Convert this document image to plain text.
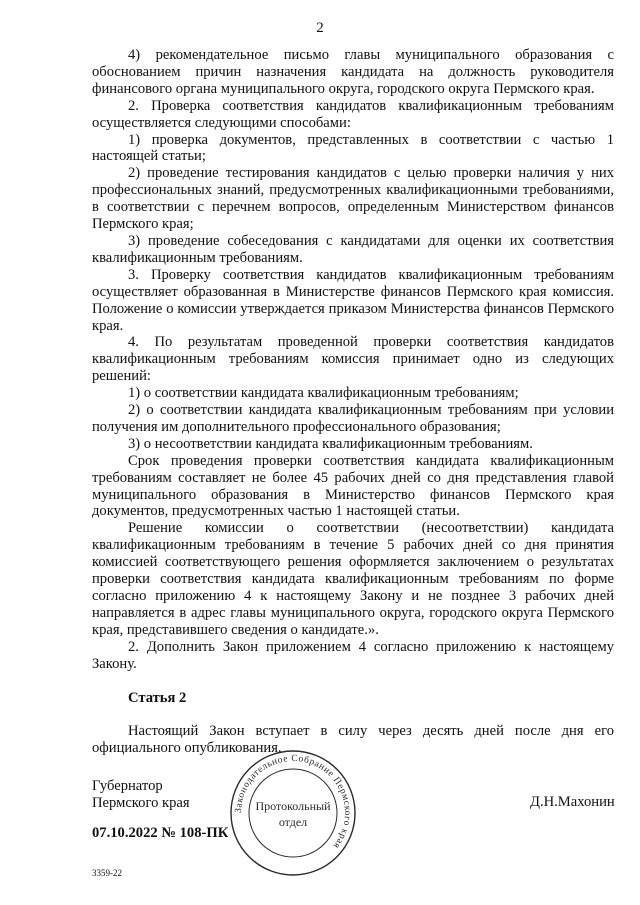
2

4) рекомендательное письмо главы муниципального образования с обоснованием причин назначения кандидата на должность руководителя финансового органа муниципального округа, городского округа Пермского края.

2. Проверка соответствия кандидатов квалификационным требованиям осуществляется следующими способами:

1) проверка документов, представленных в соответствии с частью 1 настоящей статьи;

2) проведение тестирования кандидатов с целью проверки наличия у них профессиональных знаний, предусмотренных квалификационными требованиями, в соответствии с перечнем вопросов, определенным Министерством финансов Пермского края;

3) проведение собеседования с кандидатами для оценки их соответствия квалификационным требованиям.

3. Проверку соответствия кандидатов квалификационным требованиям осуществляет образованная в Министерстве финансов Пермского края комиссия. Положение о комиссии утверждается приказом Министерства финансов Пермского края.

4. По результатам проведенной проверки соответствия кандидатов квалификационным требованиям комиссия принимает одно из следующих решений:

1) о соответствии кандидата квалификационным требованиям;

2) о соответствии кандидата квалификационным требованиям при условии получения им дополнительного профессионального образования;

3) о несоответствии кандидата квалификационным требованиям.

Срок проведения проверки соответствия кандидата квалификационным требованиям составляет не более 45 рабочих дней со дня представления главой муниципального образования в Министерство финансов Пермского края документов, предусмотренных частью 1 настоящей статьи.

Решение комиссии о соответствии (несоответствии) кандидата квалификационным требованиям в течение 5 рабочих дней со дня принятия комиссией соответствующего решения оформляется заключением о результатах проверки соответствия кандидата квалификационным требованиям по форме согласно приложению 4 к настоящему Закону и не позднее 3 рабочих дней направляется в адрес главы муниципального округа, городского округа Пермского края, представившего сведения о кандидате.».

2. Дополнить Закон приложением 4 согласно приложению к настоящему Закону.

Статья 2

Настоящий Закон вступает в силу через десять дней после дня его официального опубликования.

Губернатор
Пермского края	Д.Н.Махонин
07.10.2022 № 108-ПК
3359-22
Законодательное Собрание Пермского края
Протокольный
отдел
